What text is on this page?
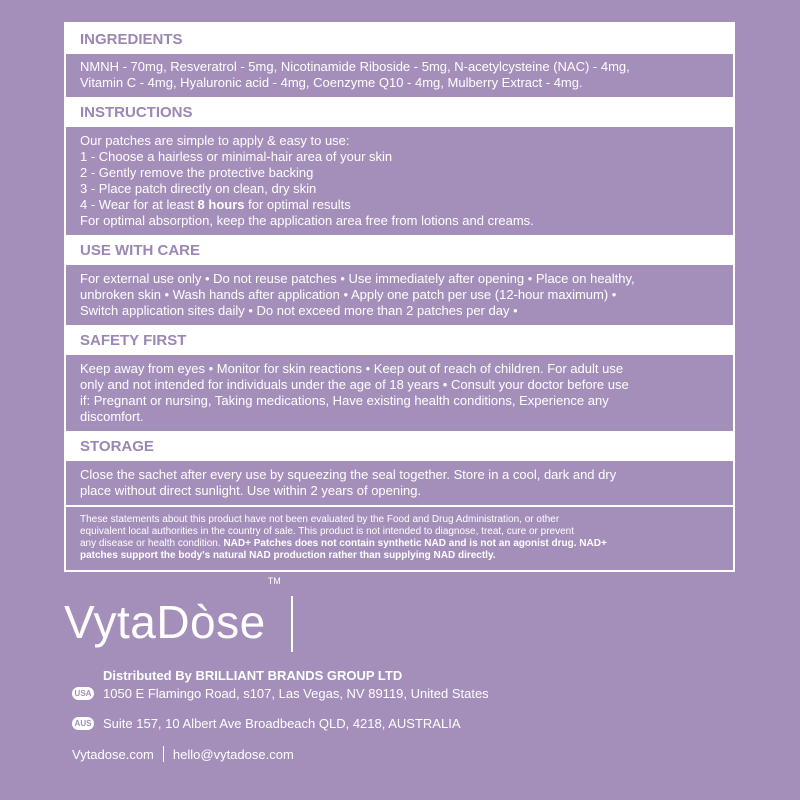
INGREDIENTS

NMNH - 70mg, Resveratrol - 5mg, Nicotinamide Riboside - 5mg, N-acetylcysteine (NAC) - 4mg,

Vitamin C - 4mg, Hyaluronic acid - 4mg, Coenzyme Q10 - 4mg, Mulberry Extract - 4mg.

INSTRUCTIONS

Our patches are simple to apply & easy to use:

1 - Choose a hairless or minimal-hair area of your skin

2 - Gently remove the protective backing

3 - Place patch directly on clean, dry skin

4 - Wear for at least 8 hours for optimal results

For optimal absorption, keep the application area free from lotions and creams.

USE WITH CARE

For external use only • Do not reuse patches • Use immediately after opening • Place on healthy,

unbroken skin • Wash hands after application • Apply one patch per use (12-hour maximum) •

Switch application sites daily • Do not exceed more than 2 patches per day •

SAFETY FIRST

Keep away from eyes • Monitor for skin reactions • Keep out of reach of children. For adult use

only and not intended for individuals under the age of 18 years • Consult your doctor before use

if: Pregnant or nursing, Taking medications, Have existing health conditions, Experience any

discomfort.

STORAGE

Close the sachet after every use by squeezing the seal together. Store in a cool, dark and dry

place without direct sunlight. Use within 2 years of opening.

These statements about this product have not been evaluated by the Food and Drug Administration, or other
equivalent local authorities in the country of sale. This product is not intended to diagnose, treat, cure or prevent
any disease or health condition. NAD+ Patches does not contain synthetic NAD and is not an agonist drug. NAD+
patches support the body's natural NAD production rather than supplying NAD directly.
VytaDòse
TM
Distributed By BRILLIANT BRANDS GROUP LTD
USA 1050 E Flamingo Road, s107, Las Vegas, NV 89119, United States
AUS Suite 157, 10 Albert Ave Broadbeach QLD, 4218, AUSTRALIA
Vytadose.com hello@vytadose.com
